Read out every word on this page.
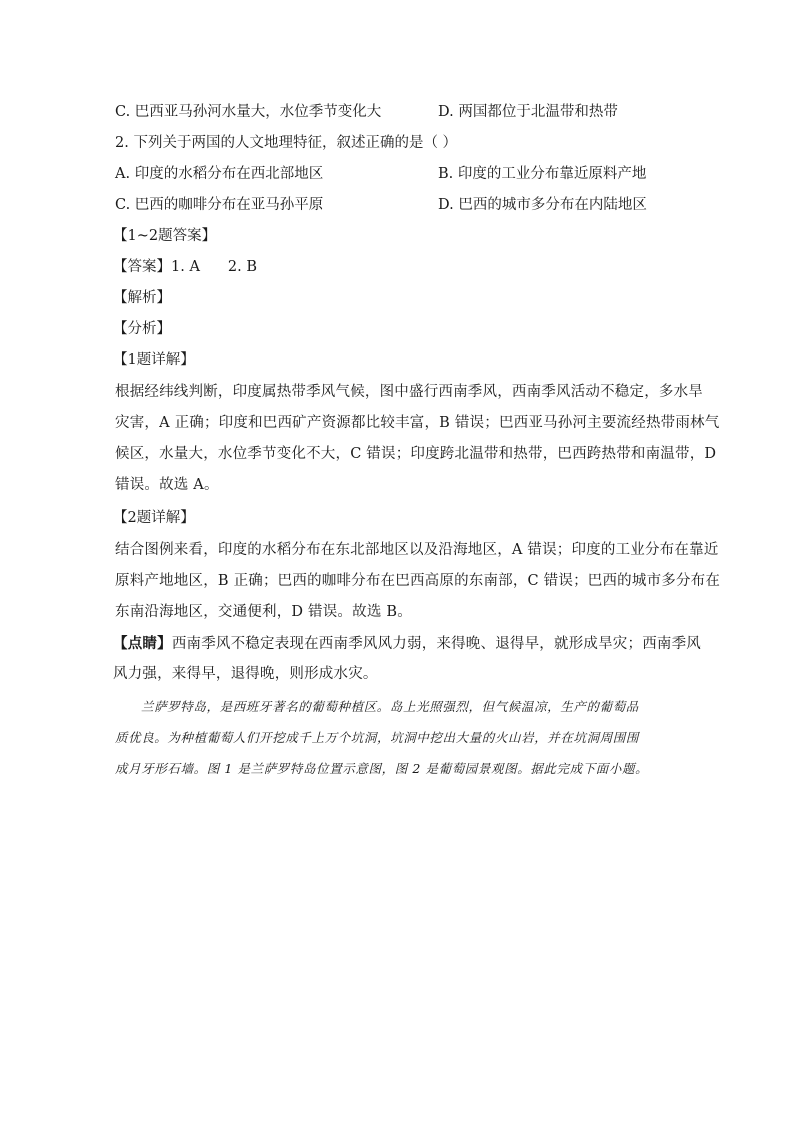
C. 巴西亚马孙河水量大，水位季节变化大	D. 两国都位于北温带和热带
2. 下列关于两国的人文地理特征，叙述正确的是（ ）
A. 印度的水稻分布在西北部地区	B. 印度的工业分布靠近原料产地
C. 巴西的咖啡分布在亚马孙平原	D. 巴西的城市多分布在内陆地区
【1~2题答案】
【答案】1. A 2. B
【解析】
【分析】
【1题详解】
根据经纬线判断，印度属热带季风气候，图中盛行西南季风，西南季风活动不稳定，多水旱
灾害，A 正确；印度和巴西矿产资源都比较丰富，B 错误；巴西亚马孙河主要流经热带雨林气
候区，水量大，水位季节变化不大，C 错误；印度跨北温带和热带，巴西跨热带和南温带，D
错误。故选 A。
【2题详解】
结合图例来看，印度的水稻分布在东北部地区以及沿海地区，A 错误；印度的工业分布在靠近
原料产地地区，B 正确；巴西的咖啡分布在巴西高原的东南部，C 错误；巴西的城市多分布在
东南沿海地区，交通便利，D 错误。故选 B。
【点睛】西南季风不稳定表现在西南季风风力弱，来得晚、退得早，就形成旱灾；西南季风
风力强，来得早，退得晚，则形成水灾。
兰萨罗特岛，是西班牙著名的葡萄种植区。岛上光照强烈，但气候温凉，生产的葡萄品
质优良。为种植葡萄人们开挖成千上万个坑洞，坑洞中挖出大量的火山岩，并在坑洞周围围
成月牙形石墙。图 1 是兰萨罗特岛位置示意图，图 2 是葡萄园景观图。据此完成下面小题。
